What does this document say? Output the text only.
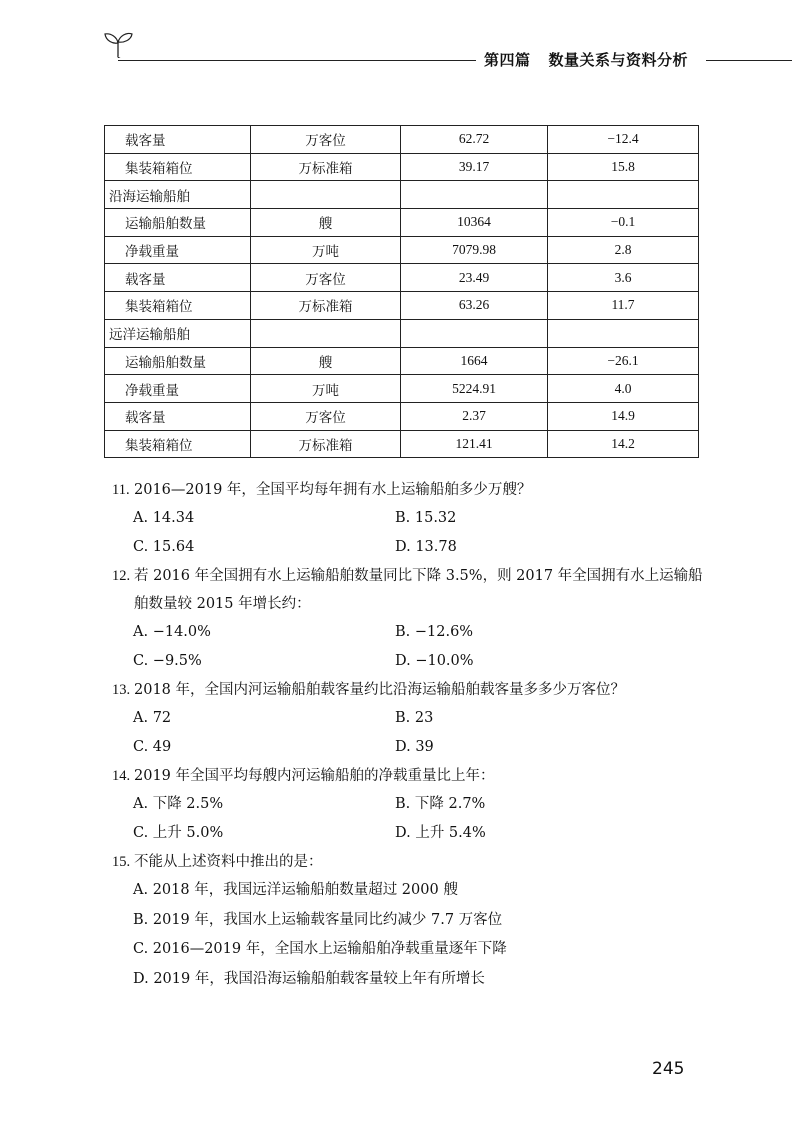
第四篇 数量关系与资料分析
载客量	万客位	62.72	−12.4
集装箱箱位	万标准箱	39.17	15.8
沿海运输船舶			
运输船舶数量	艘	10364	−0.1
净载重量	万吨	7079.98	2.8
载客量	万客位	23.49	3.6
集装箱箱位	万标准箱	63.26	11.7
远洋运输船舶			
运输船舶数量	艘	1664	−26.1
净载重量	万吨	5224.91	4.0
载客量	万客位	2.37	14.9
集装箱箱位	万标准箱	121.41	14.2
11. 2016—2019 年，全国平均每年拥有水上运输船舶多少万艘？
A. 14.34	B. 15.32
C. 15.64	D. 13.78
12. 若 2016 年全国拥有水上运输船舶数量同比下降 3.5%，则 2017 年全国拥有水上运输船舶数量较 2015 年增长约：
A. −14.0%	B. −12.6%
C. −9.5%	D. −10.0%
13. 2018 年，全国内河运输船舶载客量约比沿海运输船舶载客量多多少万客位？
A. 72	B. 23
C. 49	D. 39
14. 2019 年全国平均每艘内河运输船舶的净载重量比上年：
A. 下降 2.5%	B. 下降 2.7%
C. 上升 5.0%	D. 上升 5.4%
15. 不能从上述资料中推出的是：
A. 2018 年，我国远洋运输船舶数量超过 2000 艘
B. 2019 年，我国水上运输载客量同比约减少 7.7 万客位
C. 2016—2019 年，全国水上运输船舶净载重量逐年下降
D. 2019 年，我国沿海运输船舶载客量较上年有所增长
245
